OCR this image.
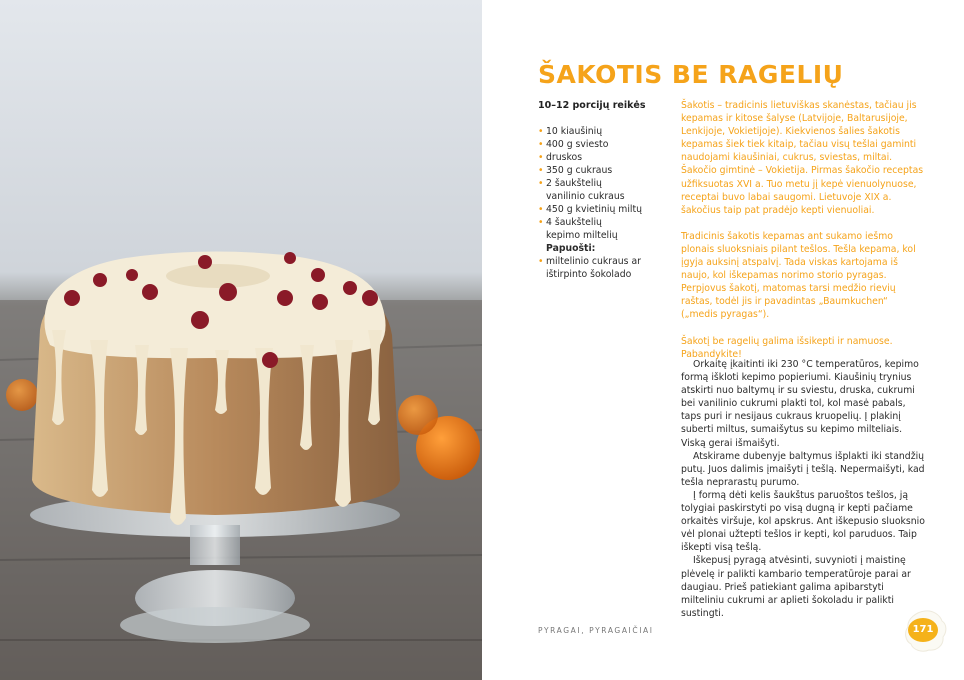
ŠAKOTIS BE RAGELIŲ
10–12 porcijų reikės
• 10 kiaušinių
• 400 g sviesto
• druskos
• 350 g cukraus
• 2 šaukštelių
vanilinio cukraus
• 450 g kvietinių miltų
• 4 šaukštelių
kepimo miltelių
Papuošti:
• miltelinio cukraus ar
ištirpinto šokolado

Šakotis – tradicinis lietuviškas skanėstas, tačiau jis kepamas ir kitose šalyse (Latvijoje, Baltarusijoje, Lenkijoje, Vokietijoje). Kiekvienos šalies šakotis kepamas šiek tiek kitaip, tačiau visų tešlai gaminti naudojami kiaušiniai, cukrus, sviestas, miltai. Šakočio gimtinė – Vokietija. Pirmas šakočio receptas užfiksuotas XVI a. Tuo metu jį kepė vienuolynuose, receptai buvo labai saugomi. Lietuvoje XIX a. šakočius taip pat pradėjo kepti vienuoliai.

Tradicinis šakotis kepamas ant sukamo iešmo plonais sluoksniais pilant tešlos. Tešla kepama, kol įgyja auksinį atspalvį. Tada viskas kartojama iš naujo, kol iškepamas norimo storio pyragas. Perpjovus šakotį, matomas tarsi medžio rievių raštas, todėl jis ir pavadintas „Baumkuchen“ („medis pyragas“).

Šakotį be ragelių galima išsikepti ir namuose. Pabandykite!

Orkaitę įkaitinti iki 230 °C temperatūros, kepimo formą iškloti kepimo popieriumi. Kiaušinių trynius atskirti nuo baltymų ir su sviestu, druska, cukrumi bei vanilinio cukrumi plakti tol, kol masė pabals, taps puri ir nesijaus cukraus kruopelių. Į plakinį suberti miltus, sumaišytus su kepimo milteliais. Viską gerai išmaišyti.

Atskirame dubenyje baltymus išplakti iki standžių putų. Juos dalimis įmaišyti į tešlą. Nepermaišyti, kad tešla neprarastų purumo.

Į formą dėti kelis šaukštus paruoštos tešlos, ją tolygiai paskirstyti po visą dugną ir kepti pačiame orkaitės viršuje, kol apskrus. Ant iškepusio sluoksnio vėl plonai užtepti tešlos ir kepti, kol paruduos. Taip iškepti visą tešlą.

Iškepusį pyragą atvėsinti, suvynioti į maistinę plėvelę ir palikti kambario temperatūroje parai ar daugiau. Prieš patiekiant galima apibarstyti milteliniu cukrumi ar aplieti šokoladu ir palikti sustingti.

PYRAGAI, PYRAGAIČIAI	171
